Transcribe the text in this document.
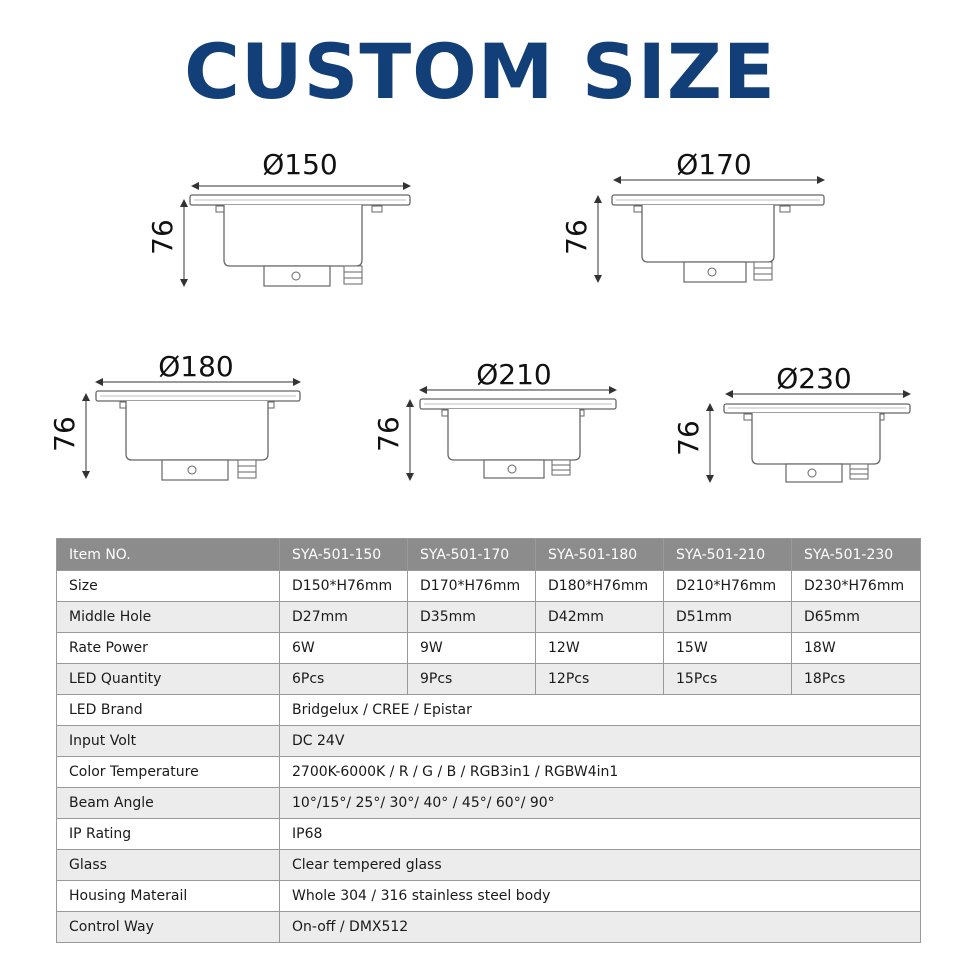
CUSTOM SIZE
Ø150
76
Ø170
76
Ø180
76
Ø210
76
Ø230
76
Item NO.	SYA-501-150	SYA-501-170	SYA-501-180	SYA-501-210	SYA-501-230
Size	D150*H76mm	D170*H76mm	D180*H76mm	D210*H76mm	D230*H76mm
Middle Hole	D27mm	D35mm	D42mm	D51mm	D65mm
Rate Power	6W	9W	12W	15W	18W
LED Quantity	6Pcs	9Pcs	12Pcs	15Pcs	18Pcs
LED Brand	Bridgelux / CREE / Epistar				
Input Volt	DC 24V				
Color Temperature	2700K-6000K / R / G / B / RGB3in1 / RGBW4in1				
Beam Angle	10°/15°/ 25°/ 30°/ 40° / 45°/ 60°/ 90°				
IP Rating	IP68				
Glass	Clear tempered glass				
Housing Materail	Whole 304 / 316 stainless steel body				
Control Way	On-off / DMX512				
